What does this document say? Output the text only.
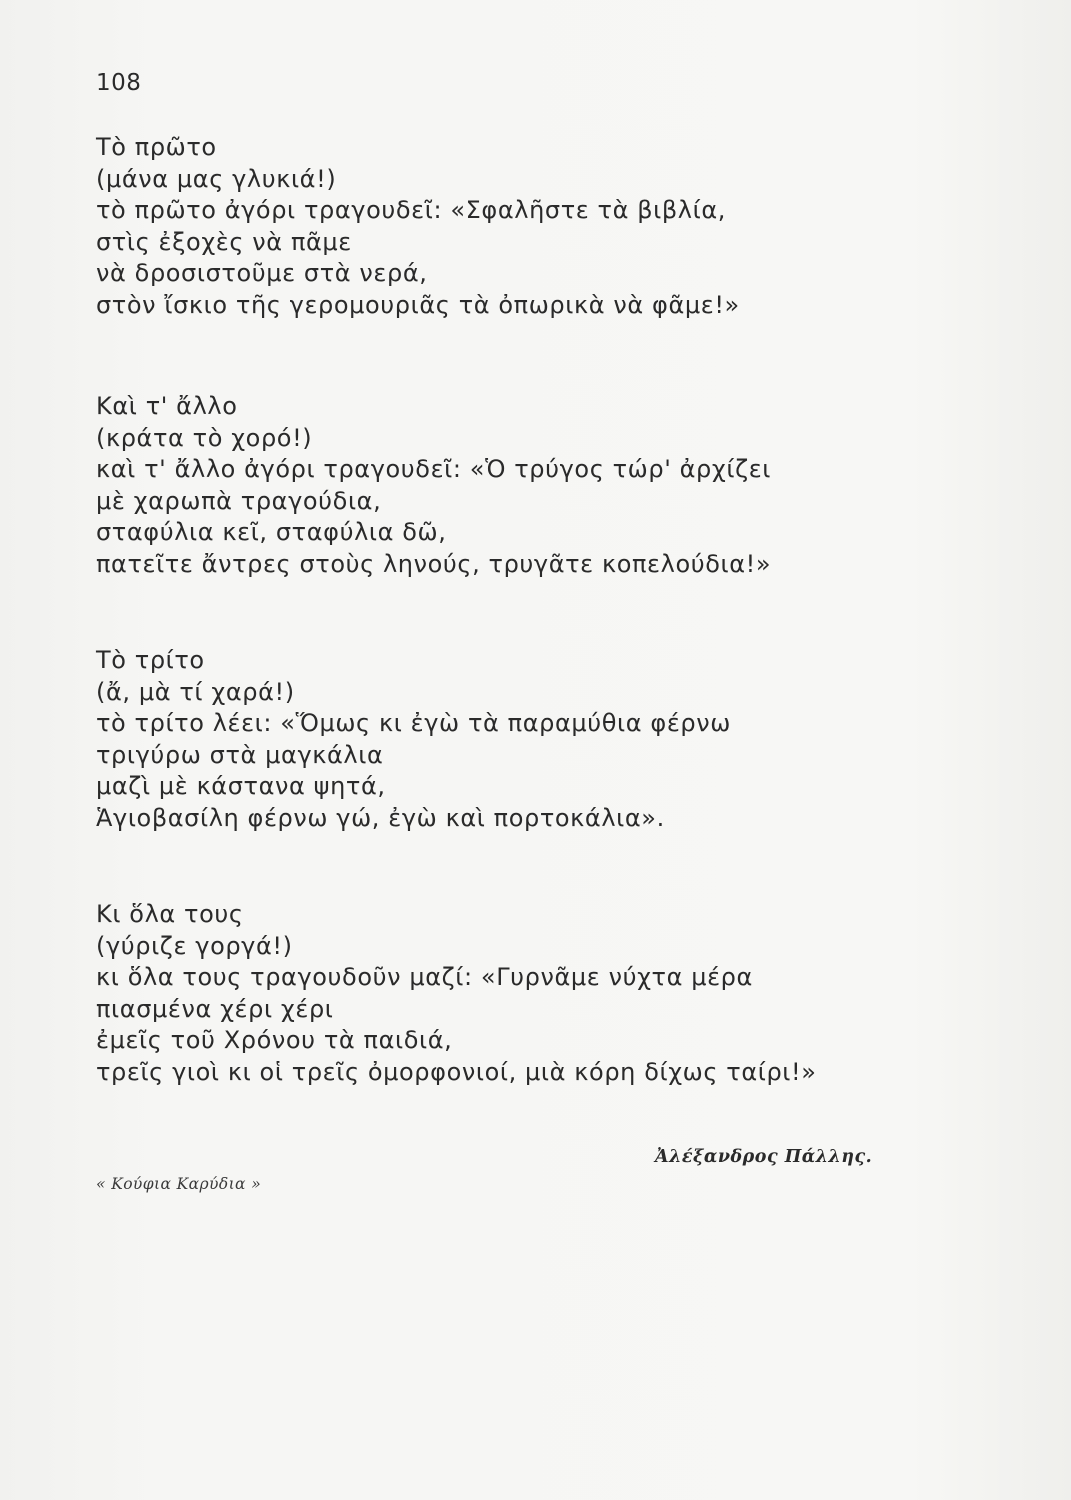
108
Τὸ πρῶτο
(μάνα μας γλυκιά!)
τὸ πρῶτο ἀγόρι τραγουδεῖ: «Σφαλῆστε τὰ βιβλία,
στὶς ἐξοχὲς νὰ πᾶμε
νὰ δροσιστοῦμε στὰ νερά,
στὸν ἴσκιο τῆς γερομουριᾶς τὰ ὀπωρικὰ νὰ φᾶμε!»
Καὶ τ' ἄλλο
(κράτα τὸ χορό!)
καὶ τ' ἄλλο ἀγόρι τραγουδεῖ: «Ὁ τρύγος τώρ' ἀρχίζει
μὲ χαρωπὰ τραγούδια,
σταφύλια κεῖ, σταφύλια δῶ,
πατεῖτε ἄντρες στοὺς ληνούς, τρυγᾶτε κοπελούδια!»
Τὸ τρίτο
(ἄ, μὰ τί χαρά!)
τὸ τρίτο λέει: «Ὅμως κι ἐγὼ τὰ παραμύθια φέρνω
τριγύρω στὰ μαγκάλια
μαζὶ μὲ κάστανα ψητά,
Ἁγιοβασίλη φέρνω γώ, ἐγὼ καὶ πορτοκάλια».
Κι ὅλα τους
(γύριζε γοργά!)
κι ὅλα τους τραγουδοῦν μαζί: «Γυρνᾶμε νύχτα μέρα
πιασμένα χέρι χέρι
ἐμεῖς τοῦ Χρόνου τὰ παιδιά,
τρεῖς γιοὶ κι οἱ τρεῖς ὀμορφονιοί, μιὰ κόρη δίχως ταίρι!»
Ἀλέξανδρος Πάλλης.
« Κούφια Καρύδια »
